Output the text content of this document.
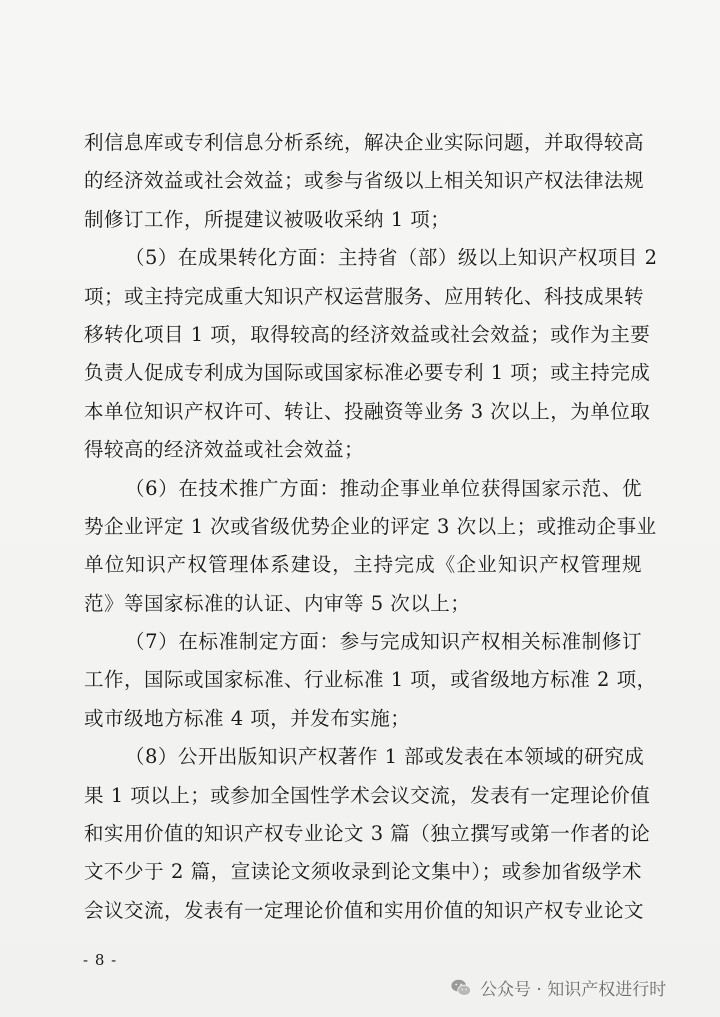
利信息库或专利信息分析系统，解决企业实际问题，并取得较高
的经济效益或社会效益；或参与省级以上相关知识产权法律法规
制修订工作，所提建议被吸收采纳 1 项；
（5）在成果转化方面：主持省（部）级以上知识产权项目 2
项；或主持完成重大知识产权运营服务、应用转化、科技成果转
移转化项目 1 项，取得较高的经济效益或社会效益；或作为主要
负责人促成专利成为国际或国家标准必要专利 1 项；或主持完成
本单位知识产权许可、转让、投融资等业务 3 次以上，为单位取
得较高的经济效益或社会效益；
（6）在技术推广方面：推动企事业单位获得国家示范、优
势企业评定 1 次或省级优势企业的评定 3 次以上；或推动企事业
单位知识产权管理体系建设，主持完成《企业知识产权管理规
范》等国家标准的认证、内审等 5 次以上；
（7）在标准制定方面：参与完成知识产权相关标准制修订
工作，国际或国家标准、行业标准 1 项，或省级地方标准 2 项，
或市级地方标准 4 项，并发布实施；
（8）公开出版知识产权著作 1 部或发表在本领域的研究成
果 1 项以上；或参加全国性学术会议交流，发表有一定理论价值
和实用价值的知识产权专业论文 3 篇（独立撰写或第一作者的论
文不少于 2 篇，宣读论文须收录到论文集中）；或参加省级学术
会议交流，发表有一定理论价值和实用价值的知识产权专业论文
- 8 -
公众号 · 知识产权进行时
